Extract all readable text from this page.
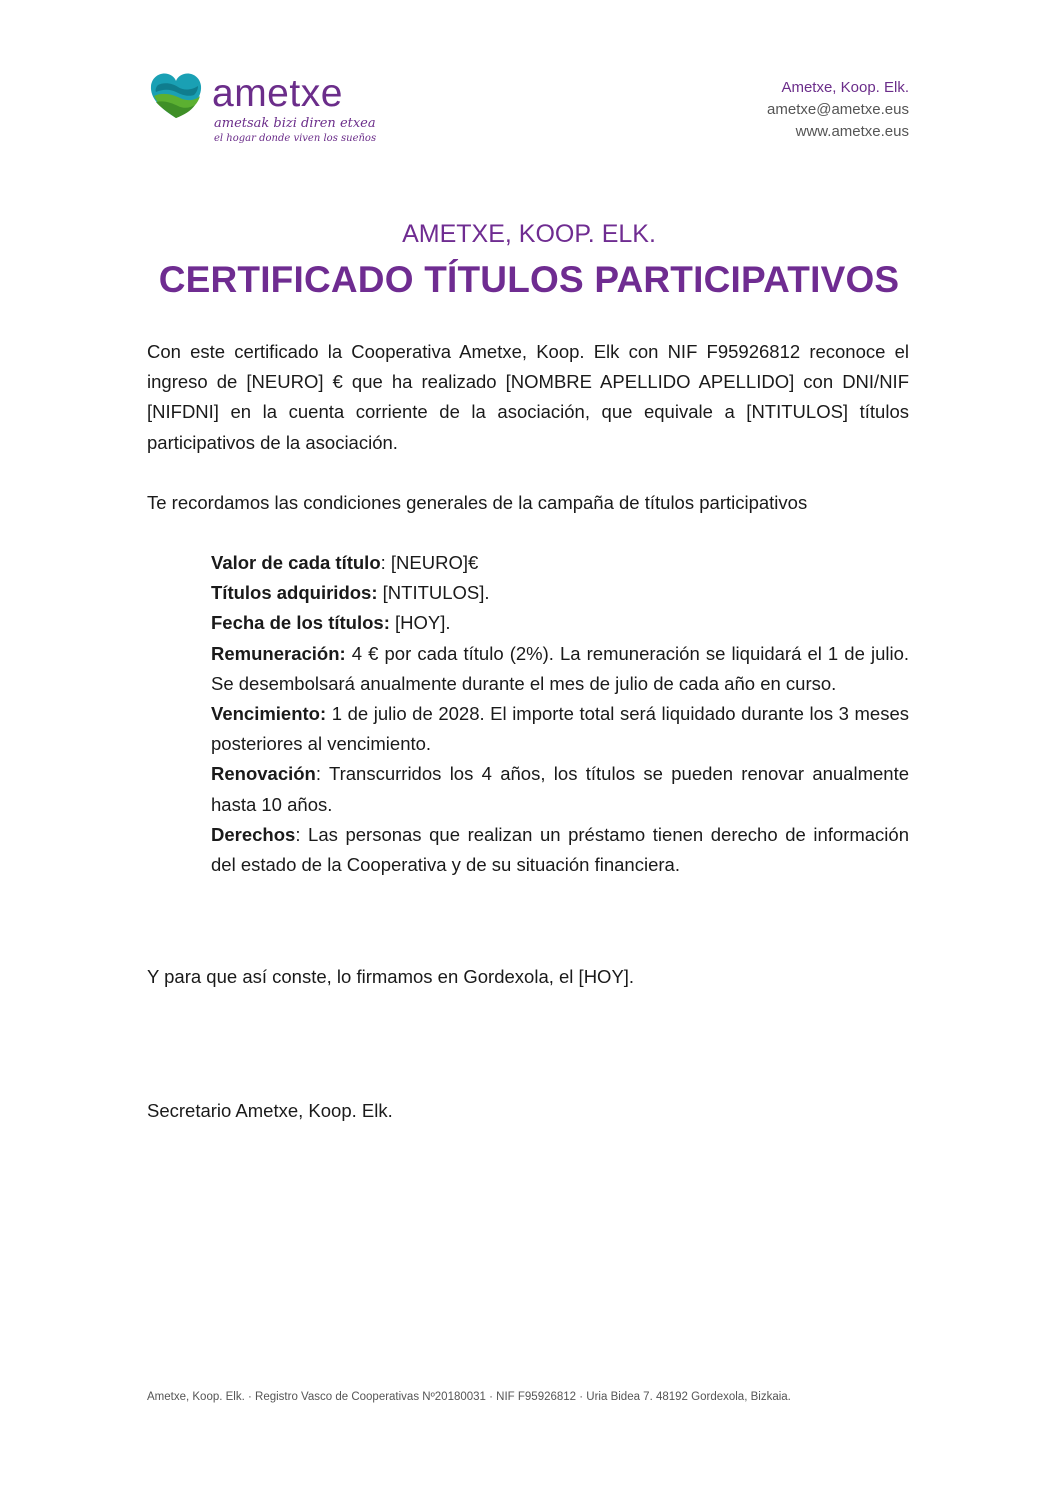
ametxe
ametsak bizi diren etxea
el hogar donde viven los sueños
Ametxe, Koop. Elk.
ametxe@ametxe.eus
www.ametxe.eus
AMETXE, KOOP. ELK.
CERTIFICADO TÍTULOS PARTICIPATIVOS
Con este certificado la Cooperativa Ametxe, Koop. Elk con NIF F95926812 reconoce el ingreso de [NEURO] € que ha realizado [NOMBRE APELLIDO APELLIDO] con DNI/NIF [NIFDNI] en la cuenta corriente de la asociación, que equivale a [NTITULOS] títulos participativos de la asociación.
Te recordamos las condiciones generales de la campaña de títulos participativos

Valor de cada título: [NEURO]€

Títulos adquiridos: [NTITULOS].

Fecha de los títulos: [HOY].

Remuneración: 4 € por cada título (2%). La remuneración se liquidará el 1 de julio. Se desembolsará anualmente durante el mes de julio de cada año en curso.

Vencimiento: 1 de julio de 2028. El importe total será liquidado durante los 3 meses posteriores al vencimiento.

Renovación: Transcurridos los 4 años, los títulos se pueden renovar anualmente hasta 10 años.

Derechos: Las personas que realizan un préstamo tienen derecho de información del estado de la Cooperativa y de su situación financiera.

Y para que así conste, lo firmamos en Gordexola, el [HOY].
Secretario Ametxe, Koop. Elk.
Ametxe, Koop. Elk. · Registro Vasco de Cooperativas Nº20180031 · NIF F95926812 · Uria Bidea 7. 48192 Gordexola, Bizkaia.
